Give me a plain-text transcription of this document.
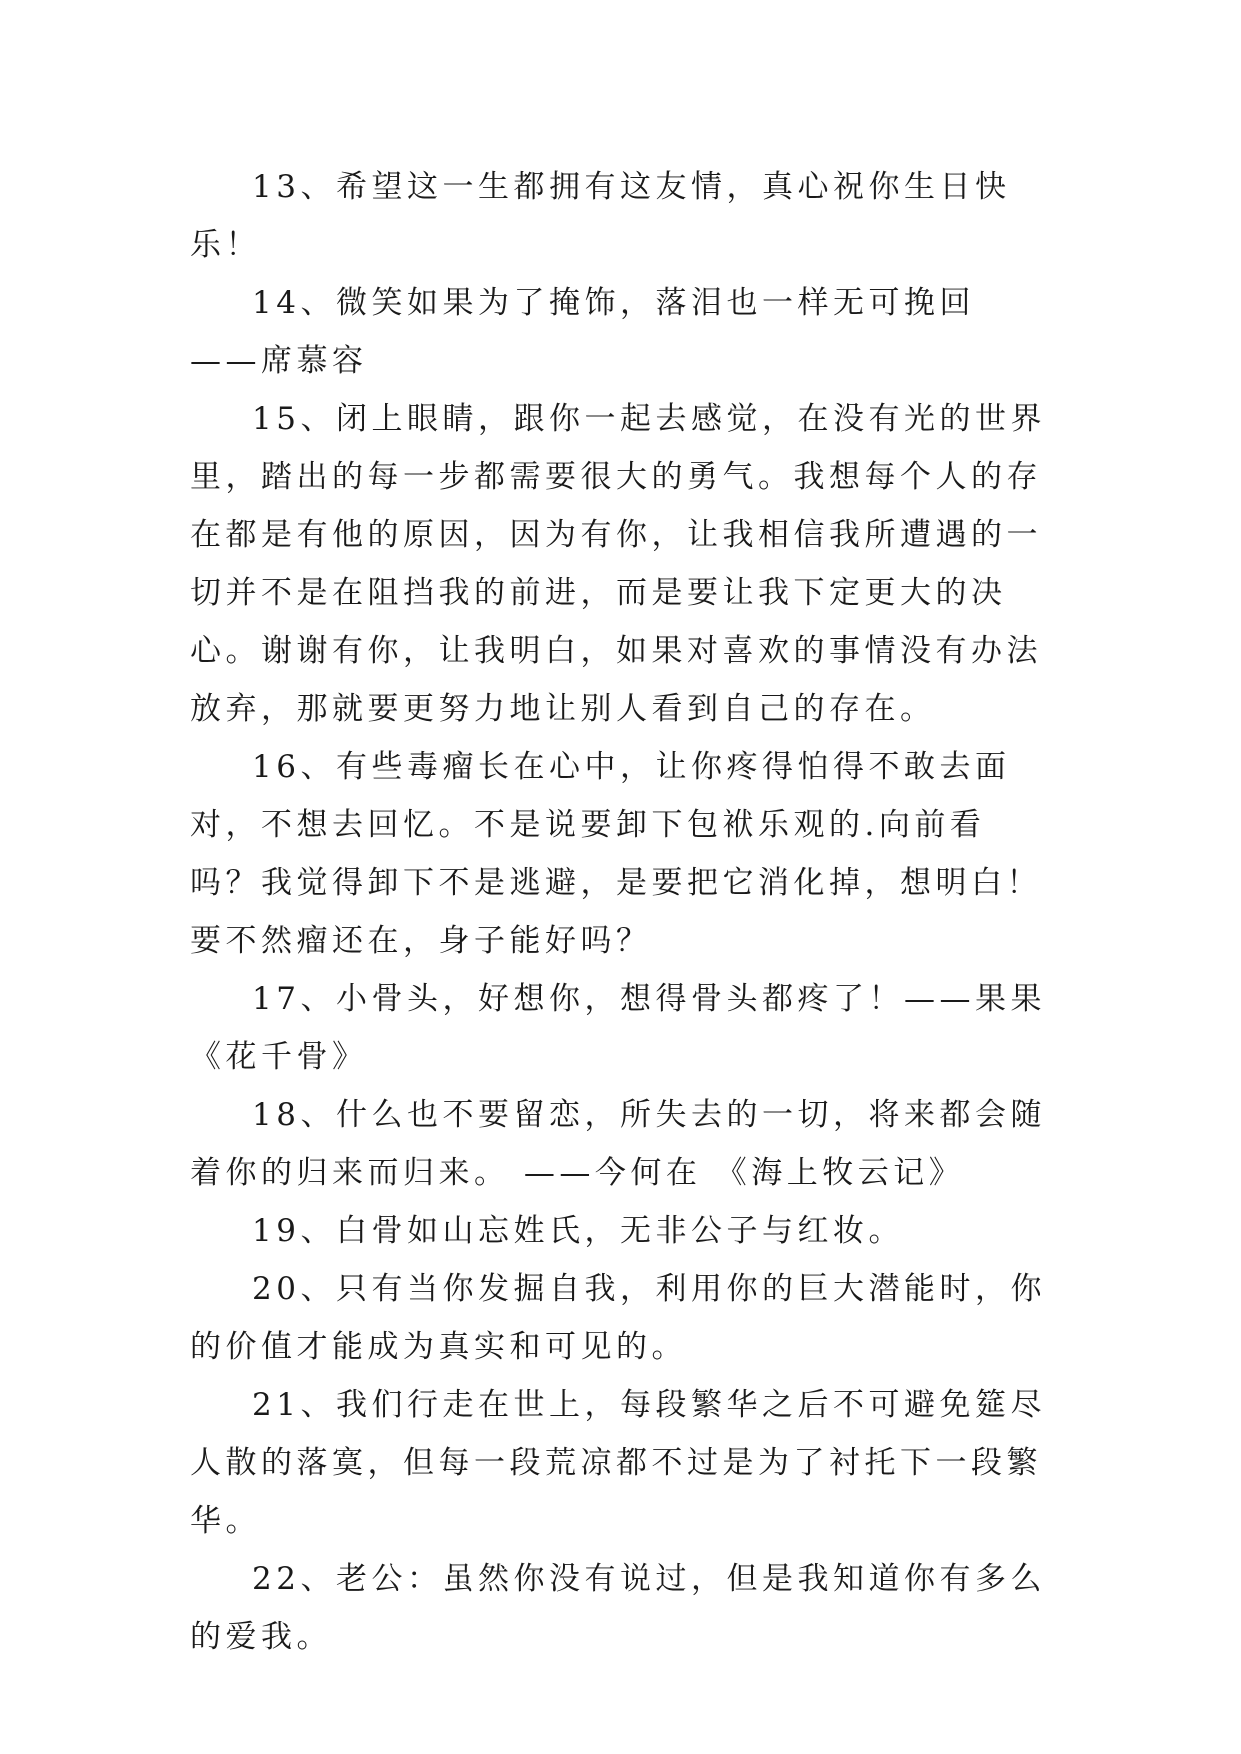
13、希望这一生都拥有这友情，真心祝你生日快乐！

14、微笑如果为了掩饰，落泪也一样无可挽回 ——席慕容

15、闭上眼睛，跟你一起去感觉，在没有光的世界里，踏出的每一步都需要很大的勇气。我想每个人的存在都是有他的原因，因为有你，让我相信我所遭遇的一切并不是在阻挡我的前进，而是要让我下定更大的决心。谢谢有你，让我明白，如果对喜欢的事情没有办法放弃，那就要更努力地让别人看到自己的存在。

16、有些毒瘤长在心中，让你疼得怕得不敢去面对，不想去回忆。不是说要卸下包袱乐观的.向前看吗？我觉得卸下不是逃避，是要把它消化掉，想明白！要不然瘤还在，身子能好吗？

17、小骨头，好想你，想得骨头都疼了！——果果 《花千骨》

18、什么也不要留恋，所失去的一切，将来都会随着你的归来而归来。 ——今何在 《海上牧云记》

19、白骨如山忘姓氏，无非公子与红妆。

20、只有当你发掘自我，利用你的巨大潜能时，你的价值才能成为真实和可见的。

21、我们行走在世上，每段繁华之后不可避免筵尽人散的落寞，但每一段荒凉都不过是为了衬托下一段繁华。

22、老公：虽然你没有说过，但是我知道你有多么的爱我。
